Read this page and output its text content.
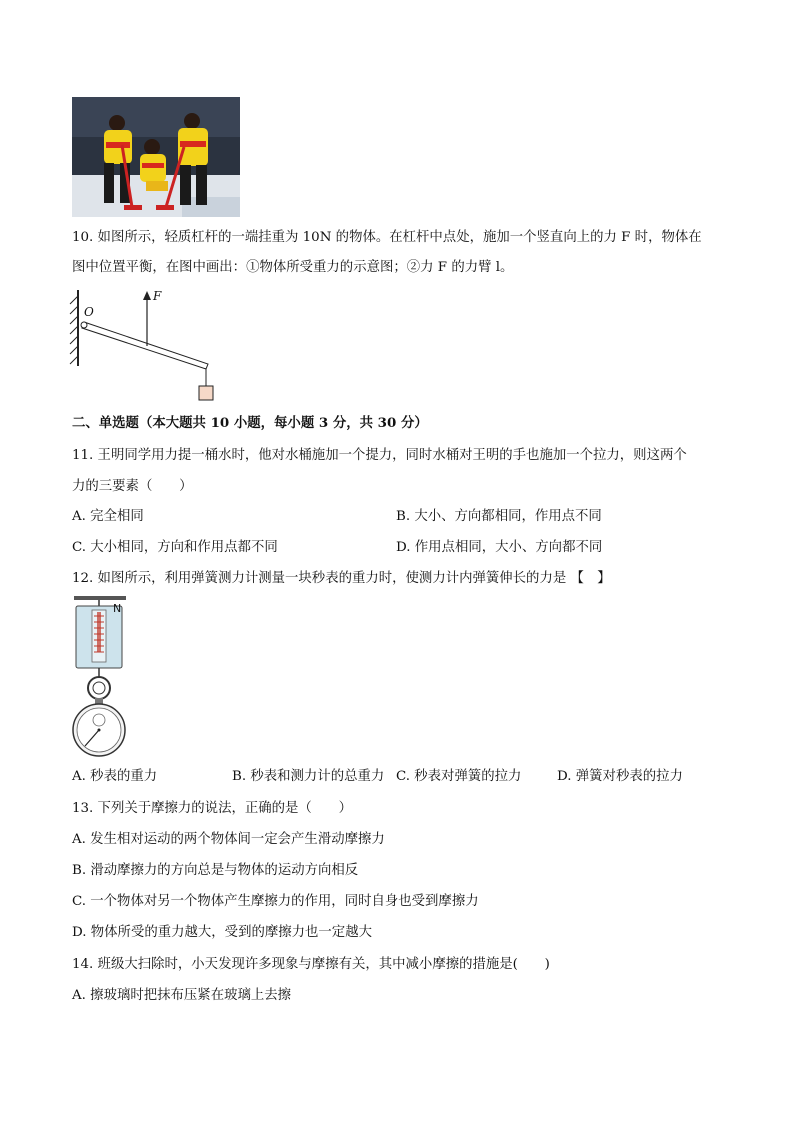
10. 如图所示，轻质杠杆的一端挂重为 10N 的物体。在杠杆中点处，施加一个竖直向上的力 F 时，物体在
图中位置平衡，在图中画出：①物体所受重力的示意图；②力 F 的力臂 l。
O
F
二、单选题（本大题共 10 小题，每小题 3 分，共 30 分）
11. 王明同学用力提一桶水时，他对水桶施加一个提力，同时水桶对王明的手也施加一个拉力，则这两个
力的三要素（　　）
A. 完全相同	B. 大小、方向都相同，作用点不同
C. 大小相同，方向和作用点都不同	D. 作用点相同，大小、方向都不同
12. 如图所示，利用弹簧测力计测量一块秒表的重力时，使测力计内弹簧伸长的力是 【　】
N
A. 秒表的重力	B. 秒表和测力计的总重力 C. 秒表对弹簧的拉力	D. 弹簧对秒表的拉力
13. 下列关于摩擦力的说法，正确的是（　　）
A. 发生相对运动的两个物体间一定会产生滑动摩擦力
B. 滑动摩擦力的方向总是与物体的运动方向相反
C. 一个物体对另一个物体产生摩擦力的作用，同时自身也受到摩擦力
D. 物体所受的重力越大，受到的摩擦力也一定越大
14. 班级大扫除时，小天发现许多现象与摩擦有关，其中减小摩擦的措施是(　　)
A. 擦玻璃时把抹布压紧在玻璃上去擦
